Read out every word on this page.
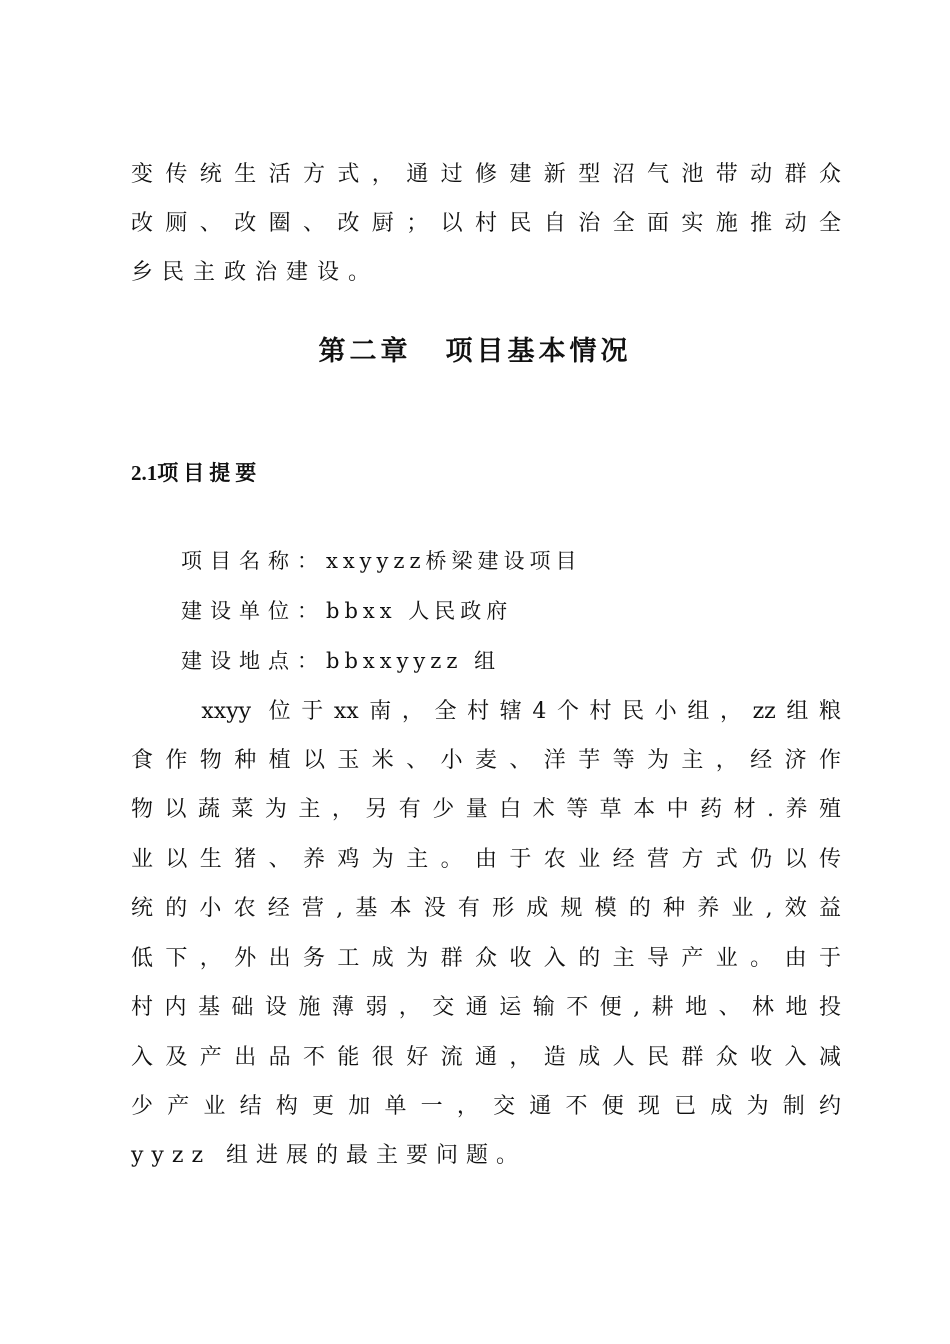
变传统生活方式，通过修建新型沼气池带动群众
改厕、改圈、改厨；以村民自治全面实施推动全
乡民主政治建设。
第二章 项目基本情况
2.1项目提要
项目名称：xxyyzz桥梁建设项目
建设单位：bbxx 人民政府
建设地点：bbxxyyzz 组
xxyy 位于xx南，全村辖4个村民小组，zz组粮
食作物种植以玉米、小麦、洋芋等为主，经济作
物以蔬菜为主，另有少量白术等草本中药材.养殖
业以生猪、养鸡为主。由于农业经营方式仍以传
统的小农经营,基本没有形成规模的种养业,效益
低下，外出务工成为群众收入的主导产业。由于
村内基础设施薄弱，交通运输不便,耕地、林地投
入及产出品不能很好流通，造成人民群众收入减
少产业结构更加单一，交通不便现已成为制约
yyzz 组进展的最主要问题。
